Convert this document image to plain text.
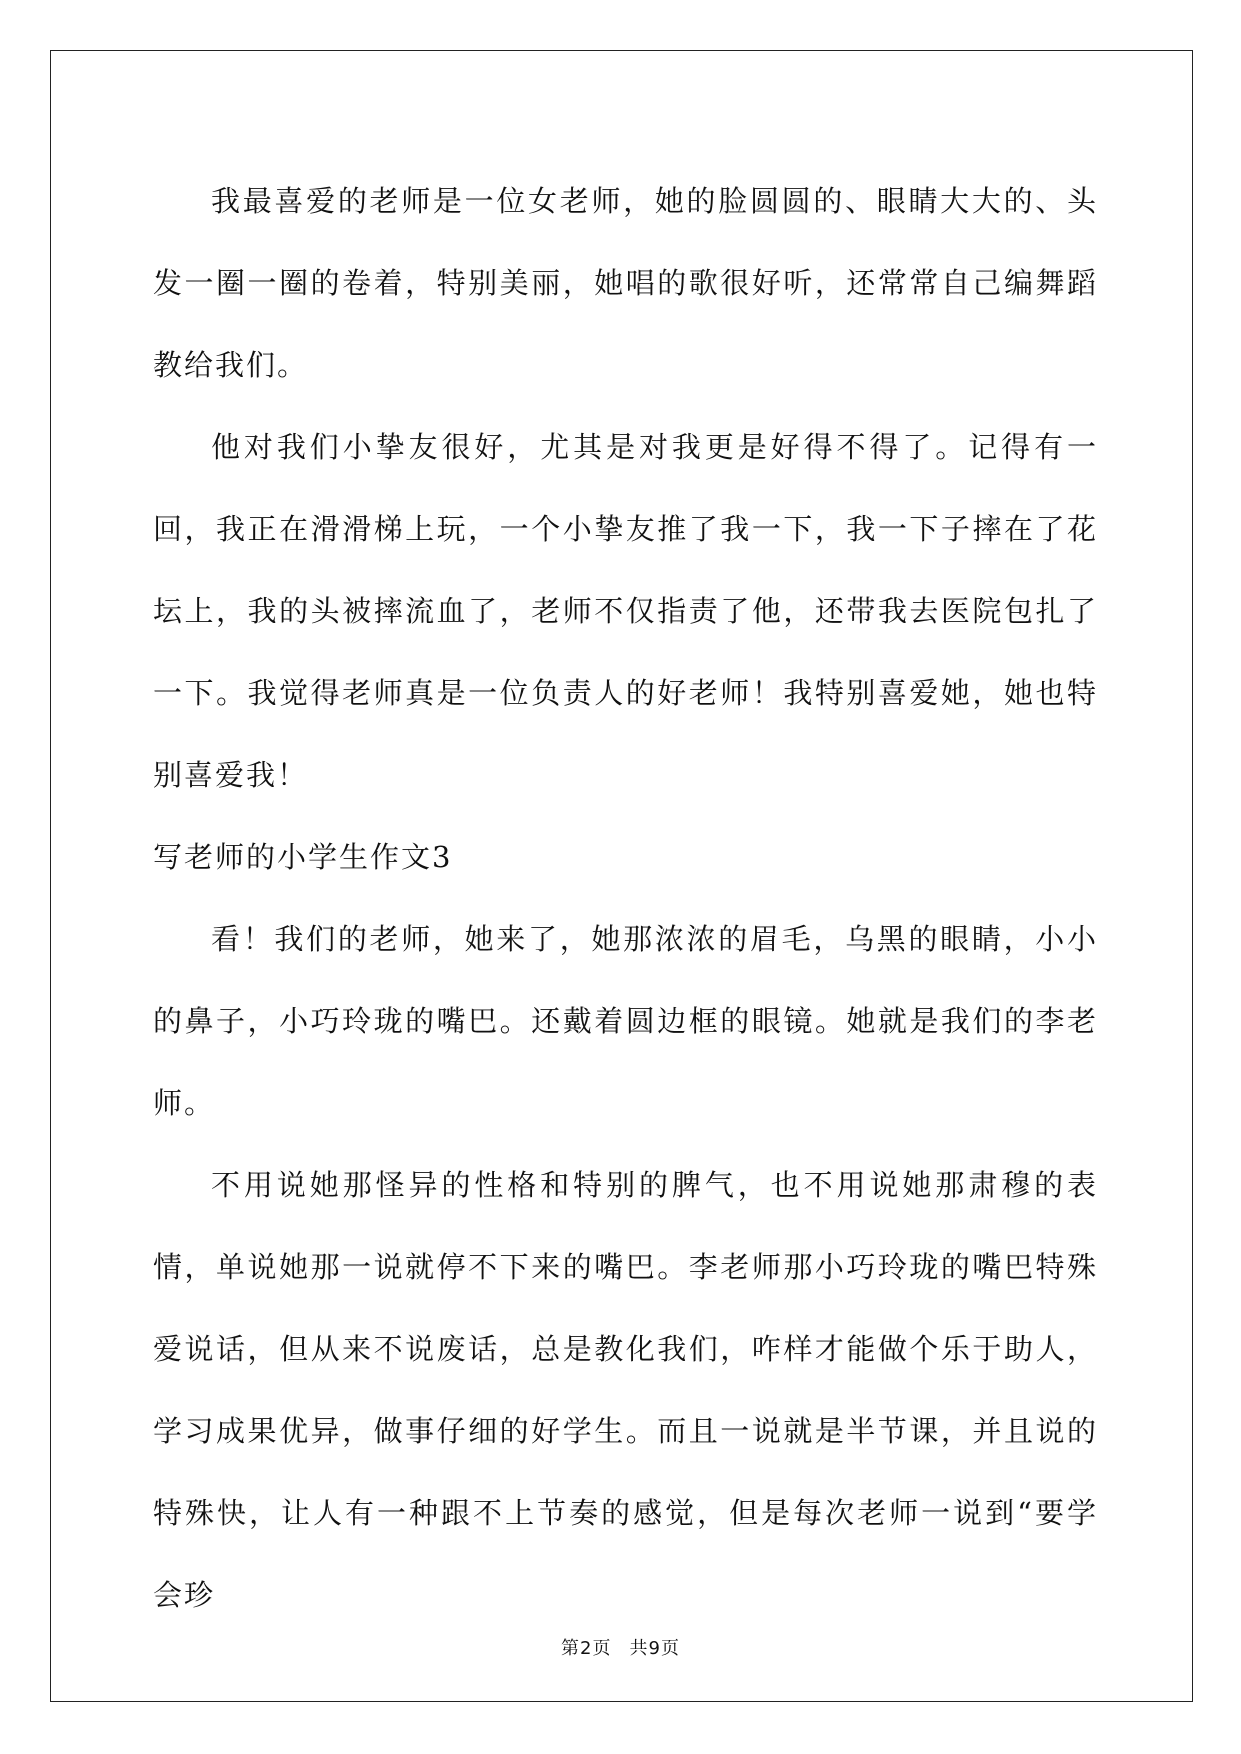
我最喜爱的老师是一位女老师，她的脸圆圆的、眼睛大大的、头发一圈一圈的卷着，特别美丽，她唱的歌很好听，还常常自己编舞蹈教给我们。

他对我们小挚友很好，尤其是对我更是好得不得了。记得有一回，我正在滑滑梯上玩，一个小挚友推了我一下，我一下子摔在了花坛上，我的头被摔流血了，老师不仅指责了他，还带我去医院包扎了一下。我觉得老师真是一位负责人的好老师！我特别喜爱她，她也特别喜爱我！

写老师的小学生作文3

看！我们的老师，她来了，她那浓浓的眉毛，乌黑的眼睛，小小的鼻子，小巧玲珑的嘴巴。还戴着圆边框的眼镜。她就是我们的李老师。

不用说她那怪异的性格和特别的脾气，也不用说她那肃穆的表情，单说她那一说就停不下来的嘴巴。李老师那小巧玲珑的嘴巴特殊爱说话，但从来不说废话，总是教化我们，咋样才能做个乐于助人，学习成果优异，做事仔细的好学生。而且一说就是半节课，并且说的特殊快，让人有一种跟不上节奏的感觉，但是每次老师一说到“要学会珍

第2页 共9页
